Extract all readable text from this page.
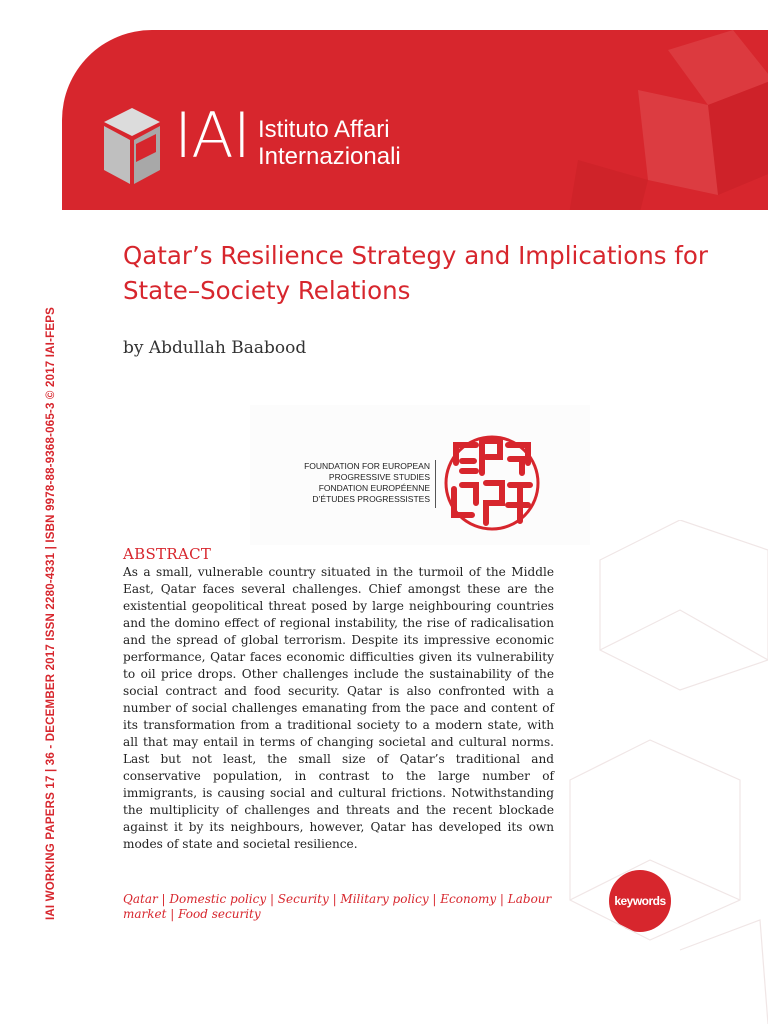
IAI Istituto Affari
Internazionali
IAI WORKING PAPERS 17 | 36 - DECEMBER 2017 ISSN 2280-4331 | ISBN 9978-88-9368-065-3 © 2017 IAI-FEPS
Qatar’s Resilience Strategy and Implications for State–Society Relations
by Abdullah Baabood
FOUNDATION FOR EUROPEAN
PROGRESSIVE STUDIES
FONDATION EUROPÉENNE
D’ÉTUDES PROGRESSISTES
ABSTRACT

As a small, vulnerable country situated in the turmoil of the Middle East, Qatar faces several challenges. Chief amongst these are the existential geopolitical threat posed by large neighbouring countries and the domino effect of regional instability, the rise of radicalisation and the spread of global terrorism. Despite its impressive economic performance, Qatar faces economic difficulties given its vulnerability to oil price drops. Other challenges include the sustainability of the social contract and food security. Qatar is also confronted with a number of social challenges emanating from the pace and content of its transformation from a traditional society to a modern state, with all that may entail in terms of changing societal and cultural norms. Last but not least, the small size of Qatar’s traditional and conservative population, in contrast to the large number of immigrants, is causing social and cultural frictions. Notwithstanding the multiplicity of challenges and threats and the recent blockade against it by its neighbours, however, Qatar has developed its own modes of state and societal resilience.

Qatar | Domestic policy | Security | Military policy | Economy | Labour market | Food security
keywords
